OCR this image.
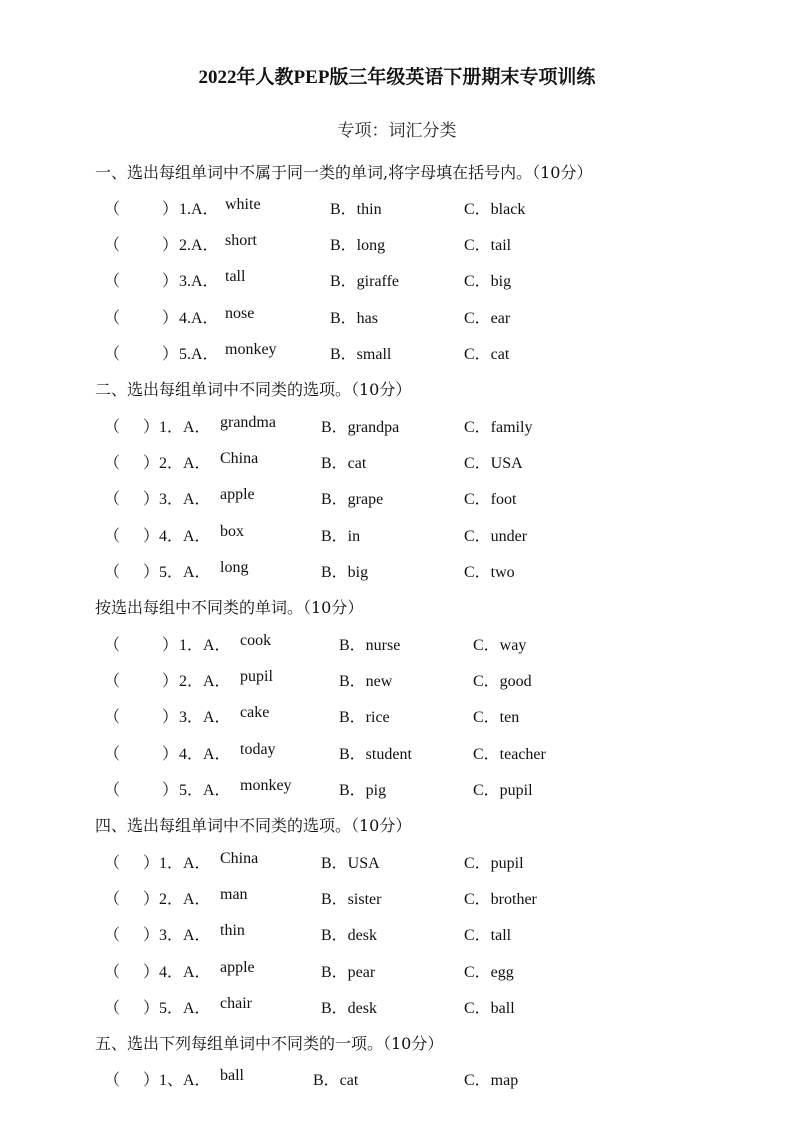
2022年人教PEP版三年级英语下册期末专项训练

专项：词汇分类

一、选出每组单词中不属于同一类的单词,将字母填在括号内。（10分）
（	） 1.A． white	B．thin	C．black
（	） 2.A． short	B．long	C．tail
（	） 3.A． tall	B．giraffe	C．big
（	） 4.A． nose	B．has	C．ear
（	） 5.A． monkey	B．small	C．cat
二、选出每组单词中不同类的选项。（10分）
（ ） 1．A． grandma	B．grandpa	C．family
（ ） 2．A． China	B．cat	C．USA
（ ） 3．A． apple	B．grape	C．foot
（ ） 4．A． box	B．in	C．under
（ ） 5．A． long	B．big	C．two
按选出每组中不同类的单词。（10分）
（	） 1．A． cook	B．nurse	C．way
（	） 2．A． pupil	B．new	C．good
（	） 3．A． cake	B．rice	C．ten
（	） 4．A． today	B．student	C．teacher
（	） 5．A． monkey	B．pig	C．pupil
四、选出每组单词中不同类的选项。（10分）
（ ） 1．A． China	B．USA	C．pupil
（ ） 2．A． man	B．sister	C．brother
（ ） 3．A． thin	B．desk	C．tall
（ ） 4．A． apple	B．pear	C．egg
（ ） 5．A． chair	B．desk	C．ball
五、选出下列每组单词中不同类的一项。（10分）
（ ） 1、A． ball	B．cat	C．map
